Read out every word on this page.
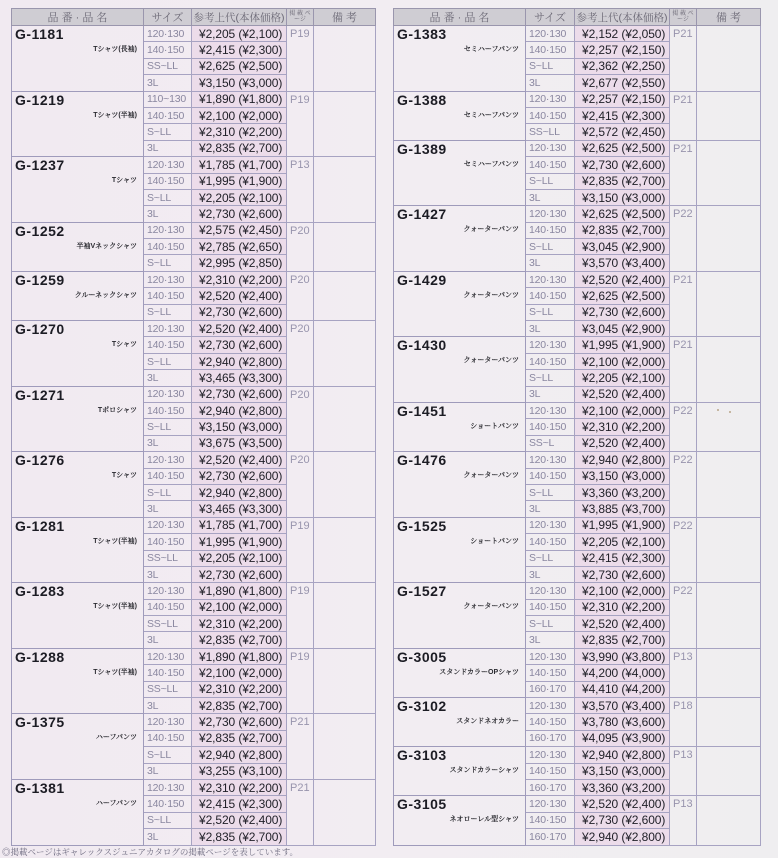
品 番 · 品 名	サイズ	参考上代(本体価格)	掲 載 ページ	備 考

G-1181
Tシャツ(長袖)	120·130	¥2,205 (¥2,100)	P19	
	140·150	¥2,415 (¥2,300)		
	SS~LL	¥2,625 (¥2,500)		
	3L	¥3,150 (¥3,000)		

G-1219
Tシャツ(半袖)	110~130	¥1,890 (¥1,800)	P19	
	140·150	¥2,100 (¥2,000)		
	S~LL	¥2,310 (¥2,200)		
	3L	¥2,835 (¥2,700)		

G-1237
Tシャツ	120·130	¥1,785 (¥1,700)	P13	
	140·150	¥1,995 (¥1,900)		
	S~LL	¥2,205 (¥2,100)		
	3L	¥2,730 (¥2,600)		

G-1252
半袖Vネックシャツ	120·130	¥2,575 (¥2,450)	P20	
	140·150	¥2,785 (¥2,650)		
	S~LL	¥2,995 (¥2,850)		

G-1259
クルーネックシャツ	120·130	¥2,310 (¥2,200)	P20	
	140·150	¥2,520 (¥2,400)		
	S~LL	¥2,730 (¥2,600)		

G-1270
Tシャツ	120·130	¥2,520 (¥2,400)	P20	
	140·150	¥2,730 (¥2,600)		
	S~LL	¥2,940 (¥2,800)		
	3L	¥3,465 (¥3,300)		

G-1271
Tポロシャツ	120·130	¥2,730 (¥2,600)	P20	
	140·150	¥2,940 (¥2,800)		
	S~LL	¥3,150 (¥3,000)		
	3L	¥3,675 (¥3,500)		

G-1276
Tシャツ	120·130	¥2,520 (¥2,400)	P20	
	140·150	¥2,730 (¥2,600)		
	S~LL	¥2,940 (¥2,800)		
	3L	¥3,465 (¥3,300)		

G-1281
Tシャツ(半袖)	120·130	¥1,785 (¥1,700)	P19	
	140·150	¥1,995 (¥1,900)		
	SS~LL	¥2,205 (¥2,100)		
	3L	¥2,730 (¥2,600)		

G-1283
Tシャツ(半袖)	120·130	¥1,890 (¥1,800)	P19	
	140·150	¥2,100 (¥2,000)		
	SS~LL	¥2,310 (¥2,200)		
	3L	¥2,835 (¥2,700)		

G-1288
Tシャツ(半袖)	120·130	¥1,890 (¥1,800)	P19	
	140·150	¥2,100 (¥2,000)		
	SS~LL	¥2,310 (¥2,200)		
	3L	¥2,835 (¥2,700)		

G-1375
ハーフパンツ	120·130	¥2,730 (¥2,600)	P21	
	140·150	¥2,835 (¥2,700)		
	S~LL	¥2,940 (¥2,800)		
	3L	¥3,255 (¥3,100)		

G-1381
ハーフパンツ	120·130	¥2,310 (¥2,200)	P21	
	140·150	¥2,415 (¥2,300)		
	S~LL	¥2,520 (¥2,400)		
	3L	¥2,835 (¥2,700)		
品 番 · 品 名	サイズ	参考上代(本体価格)	掲 載 ページ	備 考

G-1383
セミハーフパンツ	120·130	¥2,152 (¥2,050)	P21	
	140·150	¥2,257 (¥2,150)		
	S~LL	¥2,362 (¥2,250)		
	3L	¥2,677 (¥2,550)		

G-1388
セミハーフパンツ	120·130	¥2,257 (¥2,150)	P21	
	140·150	¥2,415 (¥2,300)		
	SS~LL	¥2,572 (¥2,450)		

G-1389
セミハーフパンツ	120·130	¥2,625 (¥2,500)	P21	
	140·150	¥2,730 (¥2,600)		
	S~LL	¥2,835 (¥2,700)		
	3L	¥3,150 (¥3,000)		

G-1427
クォーターパンツ	120·130	¥2,625 (¥2,500)	P22	
	140·150	¥2,835 (¥2,700)		
	S~LL	¥3,045 (¥2,900)		
	3L	¥3,570 (¥3,400)		

G-1429
クォーターパンツ	120·130	¥2,520 (¥2,400)	P21	
	140·150	¥2,625 (¥2,500)		
	S~LL	¥2,730 (¥2,600)		
	3L	¥3,045 (¥2,900)		

G-1430
クォーターパンツ	120·130	¥1,995 (¥1,900)	P21	
	140·150	¥2,100 (¥2,000)		
	S~LL	¥2,205 (¥2,100)		
	3L	¥2,520 (¥2,400)		

G-1451
ショートパンツ	120·130	¥2,100 (¥2,000)	P22	
	140·150	¥2,310 (¥2,200)		
	SS~L	¥2,520 (¥2,400)		

G-1476
クォーターパンツ	120·130	¥2,940 (¥2,800)	P22	
	140·150	¥3,150 (¥3,000)		
	S~LL	¥3,360 (¥3,200)		
	3L	¥3,885 (¥3,700)		

G-1525
ショートパンツ	120·130	¥1,995 (¥1,900)	P22	
	140·150	¥2,205 (¥2,100)		
	S~LL	¥2,415 (¥2,300)		
	3L	¥2,730 (¥2,600)		

G-1527
クォーターパンツ	120·130	¥2,100 (¥2,000)	P22	
	140·150	¥2,310 (¥2,200)		
	S~LL	¥2,520 (¥2,400)		
	3L	¥2,835 (¥2,700)		

G-3005
スタンドカラーOPシャツ	120·130	¥3,990 (¥3,800)	P13	
	140·150	¥4,200 (¥4,000)		
	160·170	¥4,410 (¥4,200)		

G-3102
スタンドネオカラー	120·130	¥3,570 (¥3,400)	P18	
	140·150	¥3,780 (¥3,600)		
	160·170	¥4,095 (¥3,900)		

G-3103
スタンドカラーシャツ	120·130	¥2,940 (¥2,800)	P13	
	140·150	¥3,150 (¥3,000)		
	160·170	¥3,360 (¥3,200)		

G-3105
ネオローレル型シャツ	120·130	¥2,520 (¥2,400)	P13	
	140·150	¥2,730 (¥2,600)		
	160·170	¥2,940 (¥2,800)		
◎掲載ページはギャレックスジュニアカタログの掲載ページを表しています。
